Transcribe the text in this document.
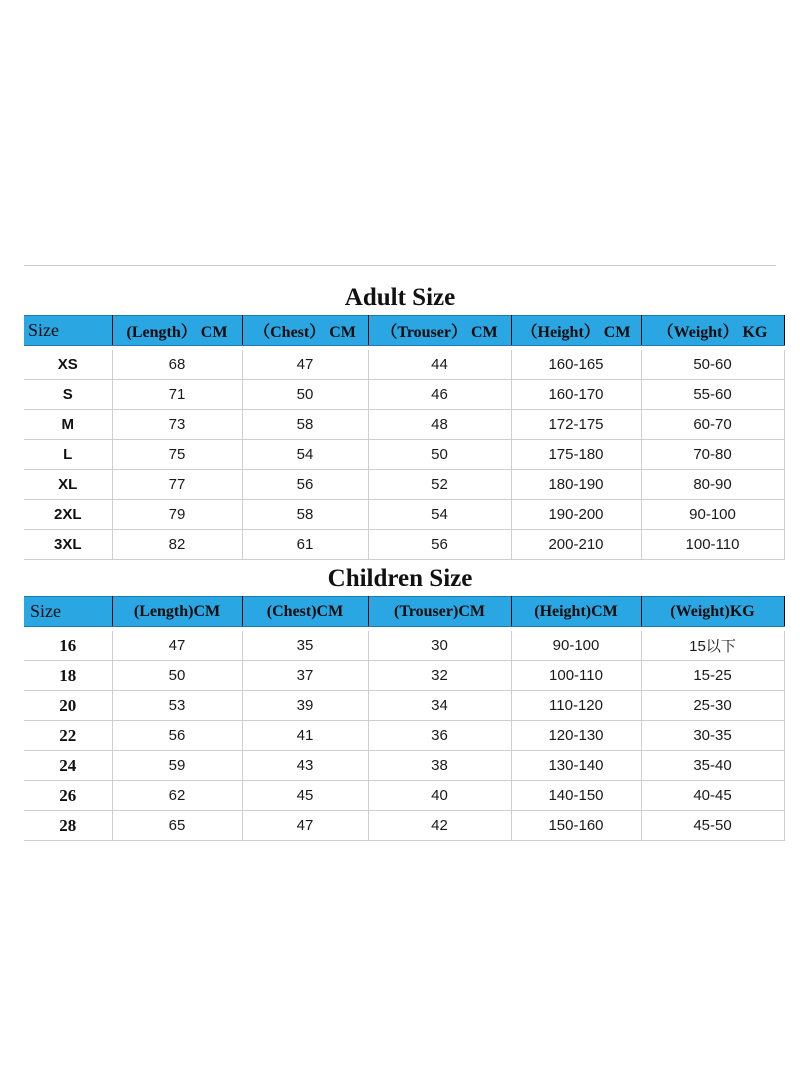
Adult Size
Size	(Length） CM	（Chest） CM	（Trouser） CM	（Height） CM	（Weight） KG

XS	68	47	44	160-165	50-60
S	71	50	46	160-170	55-60
M	73	58	48	172-175	60-70
L	75	54	50	175-180	70-80
XL	77	56	52	180-190	80-90
2XL	79	58	54	190-200	90-100
3XL	82	61	56	200-210	100-110
Children Size
Size	(Length)CM	(Chest)CM	(Trouser)CM	(Height)CM	(Weight)KG

16	47	35	30	90-100	15以下
18	50	37	32	100-110	15-25
20	53	39	34	110-120	25-30
22	56	41	36	120-130	30-35
24	59	43	38	130-140	35-40
26	62	45	40	140-150	40-45
28	65	47	42	150-160	45-50
